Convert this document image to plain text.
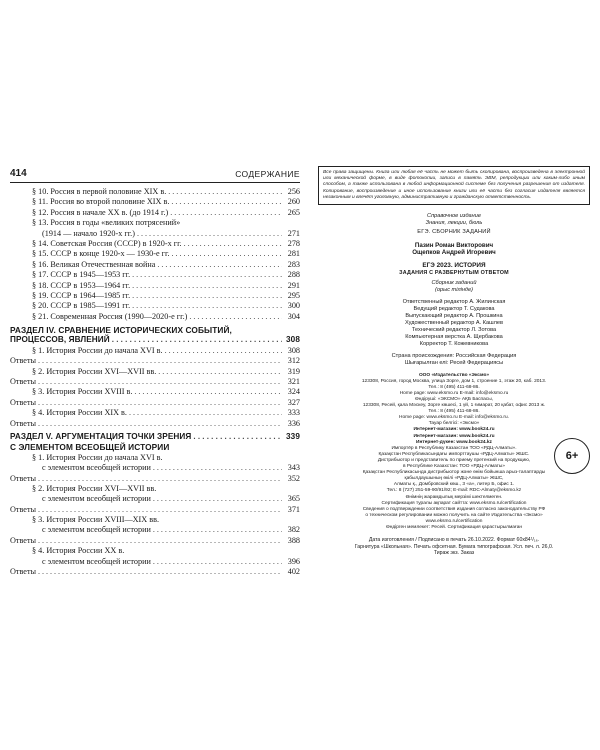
414	СОДЕРЖАНИЕ
§ 10. Россия в первой половине XIX в. . . .	256
§ 11. Россия во второй половине XIX в. . . .	260
§ 12. Россия в начале XX в. (до 1914 г.) . . .	265
§ 13. Россия в годы «великих потрясений»
(1914 — начало 1920-х гг.) . . .	271
§ 14. Советская Россия (СССР) в 1920-х гг. . . .	278
§ 15. СССР в конце 1920-х — 1930-е гг. . . .	281
§ 16. Великая Отечественная война . . .	283
§ 17. СССР в 1945—1953 гг. . . .	288
§ 18. СССР в 1953—1964 гг. . . .	291
§ 19. СССР в 1964—1985 гг. . . .	295
§ 20. СССР в 1985—1991 гг. . . .	300
§ 21. Современная Россия (1990—2020-е гг.) . . .	304
РАЗДЕЛ IV. СРАВНЕНИЕ ИСТОРИЧЕСКИХ СОБЫТИЙ,
ПРОЦЕССОВ, ЯВЛЕНИЙ . . .	308
§ 1. История России до начала XVI в. . . .	308
Ответы . . .	312
§ 2. История России XVI—XVII вв. . . .	319
Ответы . . .	321
§ 3. История России XVIII в. . . .	324
Ответы . . .	327
§ 4. История России XIX в. . . .	333
Ответы . . .	336
РАЗДЕЛ V. АРГУМЕНТАЦИЯ ТОЧКИ ЗРЕНИЯ . . .	339
С ЭЛЕМЕНТОМ ВСЕОБЩЕЙ ИСТОРИИ
§ 1. История России до начала XVI в.
с элементом всеобщей истории . . .	343
Ответы . . .	352
§ 2. История России XVI—XVII вв.
с элементом всеобщей истории . . .	365
Ответы . . .	371
§ 3. История России XVIII—XIX вв.
с элементом всеобщей истории . . .	382
Ответы . . .	388
§ 4. История России XX в.
с элементом всеобщей истории . . .	396
Ответы . . .	402
Все права защищены. Книга или любая её часть не может быть скопирована, воспроизведена в электронной или механической форме, в виде фотокопии, записи в память ЭВМ, репродукции или каким-либо иным способом, а также использована в любой информационной системе без получения разрешения от издателя. Копирование, воспроизведение и иное использование книги или её части без согласия издателя является незаконным и влечёт уголовную, административную и гражданскую ответственность.
Справочное издание
Знания, лекции, бюль
ЕГЭ. СБОРНИК ЗАДАНИЙ
Пазин Роман Викторович
Ощепков Андрей Игоревич
ЕГЭ 2023. ИСТОРИЯ
ЗАДАНИЯ С РАЗВЕРНУТЫМ ОТВЕТОМ
Сборник заданий
(орыс тілінде)
Ответственный редактор А. Жилинская
Ведущий редактор Т. Судакова
Выпускающий редактор А. Прошкина
Художественный редактор А. Кашлев
Технический редактор Л. Зотова
Компьютерная верстка А. Щербакова
Корректор Т. Кожевникова
Страна происхождения: Российская Федерация
Шығарылған елі: Ресей Федерациясы
ООО «Издательство «Эксмо»
123308, Россия, город Москва, улица Зорге, дом 1, строение 1, этаж 20, каб. 2013.
Тел.: 8 (495) 411-68-86.
Home page: www.eksmo.ru E-mail: info@eksmo.ru
Өндіруші: «ЭКСМО» АҚБ Баспасы,
123308, Ресей, қала Мәскеу, Зорге көшесі, 1 үй, 1 ғимарат, 20 қабат, офис 2013 ж.
Тел.: 8 (495) 411-68-86.
Home page: www.eksmo.ru E-mail: info@eksmo.ru.
Тауар белгісі: «Эксмо»
Интернет-магазин: www.book24.ru
Интернет-магазин: www.book24.ru
Интернет-дүкен: www.book24.kz
Импортёр в Республику Казахстан ТОО «РДЦ-Алматы».
Қазақстан Республикасындағы импорттаушы «РДЦ-Алматы» ЖШС.
Дистрибьютор и представитель по приему претензий на продукцию,
в Республике Казахстан: ТОО «РДЦ-Алматы»
Қазақстан Республикасында дистрибьютор және өнім бойынша арыз-талаптарды
қабылдаушының өкілі «РДЦ-Алматы» ЖШС,
Алматы қ., Домбровский көш., 3 «а», литер Б, офис 1.
Тел.: 8 (727) 251-59-90/91/92; E-mail: RDC-Almaty@eksmo.kz
Өнімнің жарамдылық мерзімі шектелмеген.
Сертификация туралы ақпарат сайтта: www.eksmo.ru/certification
Сведения о подтверждении соответствия издания согласно законодательству РФ
о техническом регулировании можно получить на сайте Издательства «Эксмо»
www.eksmo.ru/certification
Өндірген мемлекет: Ресей. Сертификация қарастырылмаған
6+
Дата изготовления / Подписано в печать 26.10.2022. Формат 60x84¹/₁₆.
Гарнитура «Школьная». Печать офсетная. Бумага типографская. Усл. печ. л. 26,0.
Тираж экз. Заказ
